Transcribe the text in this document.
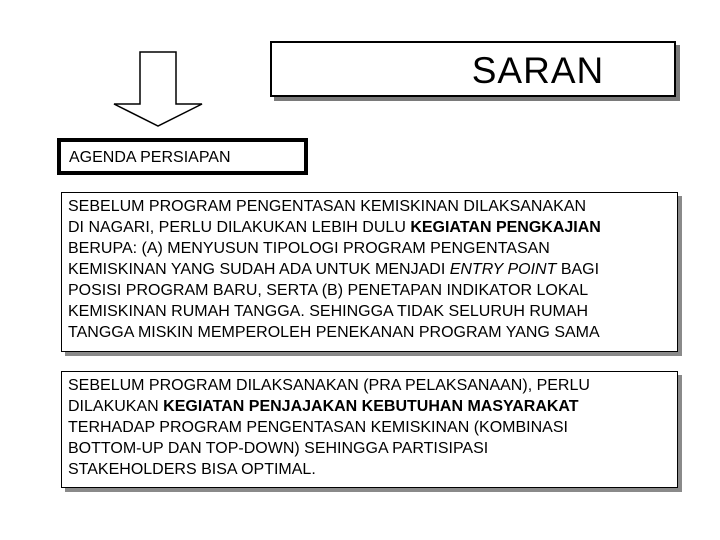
SARAN
AGENDA PERSIAPAN
SEBELUM PROGRAM PENGENTASAN KEMISKINAN DILAKSANAKAN
DI NAGARI, PERLU DILAKUKAN LEBIH DULU KEGIATAN PENGKAJIAN
BERUPA: (A) MENYUSUN TIPOLOGI PROGRAM PENGENTASAN
KEMISKINAN YANG SUDAH ADA UNTUK MENJADI ENTRY POINT BAGI
POSISI PROGRAM BARU, SERTA (B) PENETAPAN INDIKATOR LOKAL
KEMISKINAN RUMAH TANGGA. SEHINGGA TIDAK SELURUH RUMAH
TANGGA MISKIN MEMPEROLEH PENEKANAN PROGRAM YANG SAMA
SEBELUM PROGRAM DILAKSANAKAN (PRA PELAKSANAAN), PERLU
DILAKUKAN KEGIATAN PENJAJAKAN KEBUTUHAN MASYARAKAT
TERHADAP PROGRAM PENGENTASAN KEMISKINAN (KOMBINASI
BOTTOM-UP DAN TOP-DOWN) SEHINGGA PARTISIPASI
STAKEHOLDERS BISA OPTIMAL.
